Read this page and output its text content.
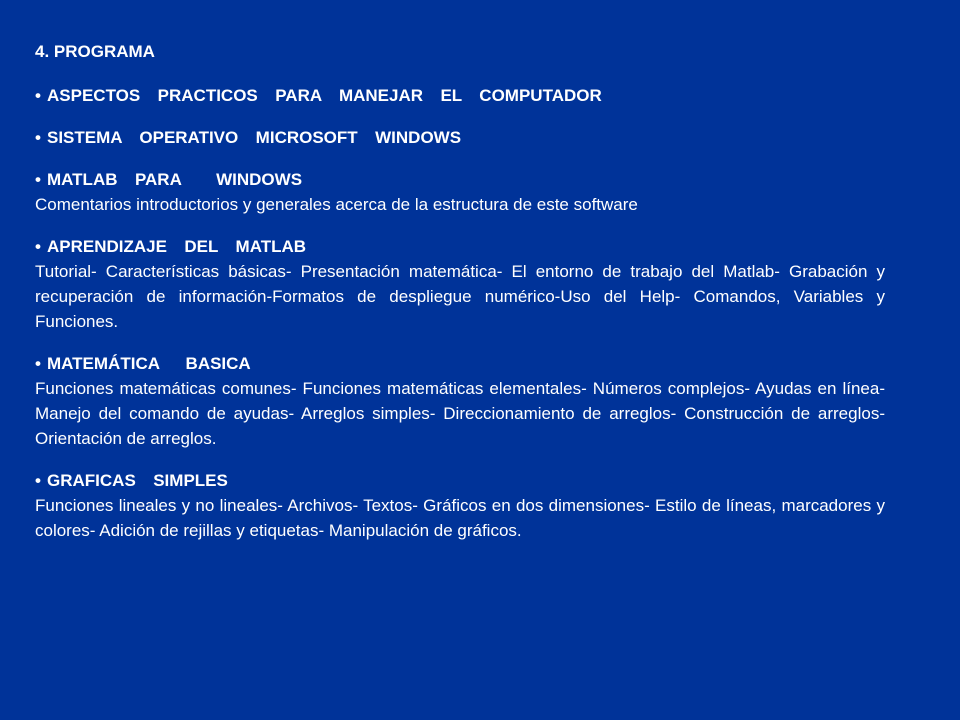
4. PROGRAMA
• ASPECTOS  PRACTICOS  PARA  MANEJAR  EL  COMPUTADOR
• SISTEMA  OPERATIVO  MICROSOFT  WINDOWS
• MATLAB  PARA    WINDOWS

Comentarios introductorios y generales acerca de la estructura de este software

• APRENDIZAJE  DEL  MATLAB

Tutorial- Características básicas- Presentación matemática- El entorno de trabajo del Matlab- Grabación y recuperación de información-Formatos de despliegue numérico-Uso del Help- Comandos, Variables y Funciones.

• MATEMÁTICA   BASICA

Funciones matemáticas comunes- Funciones matemáticas elementales- Números complejos- Ayudas en línea- Manejo del comando de ayudas- Arreglos simples- Direccionamiento de arreglos- Construcción de arreglos- Orientación de arreglos.

• GRAFICAS  SIMPLES

Funciones lineales y no lineales- Archivos- Textos- Gráficos en dos dimensiones- Estilo de líneas, marcadores y colores- Adición de rejillas y etiquetas- Manipulación de gráficos.
